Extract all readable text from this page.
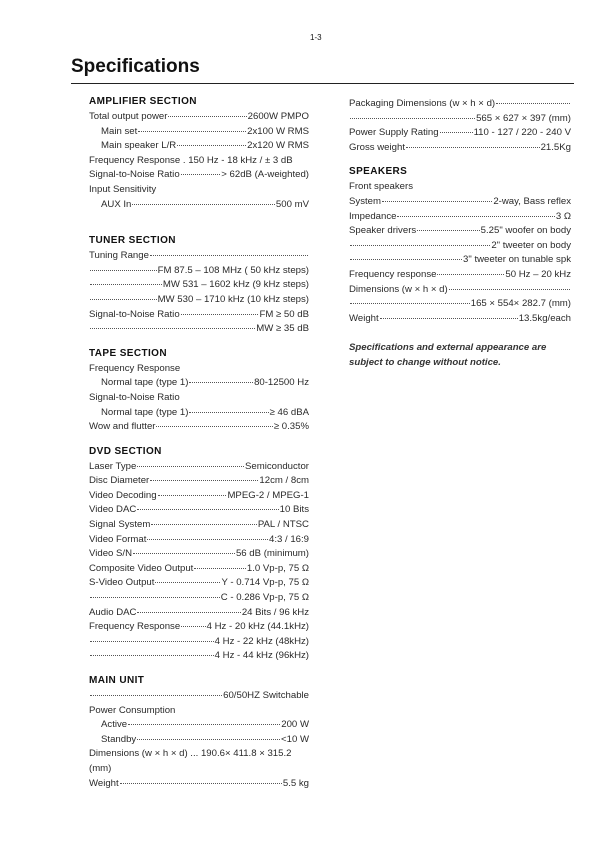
1-3
Specifications
AMPLIFIER SECTION
Total output power	2600W PMPO
Main set	2x100 W RMS
Main speaker L/R	2x120 W RMS
Frequency Response . 150 Hz - 18 kHz / ± 3 dB
Signal-to-Noise Ratio	> 62dB (A-weighted)
Input Sensitivity
AUX In	500 mV
TUNER SECTION
Tuning Range
FM 87.5 – 108 MHz ( 50 kHz steps)
MW 531 – 1602 kHz (9 kHz steps)
MW 530 – 1710 kHz (10 kHz steps)
Signal-to-Noise Ratio	FM ≥ 50 dB
MW ≥ 35 dB
TAPE SECTION
Frequency Response
Normal tape (type 1)	80-12500 Hz
Signal-to-Noise Ratio
Normal tape (type 1)	≥ 46 dBA
Wow and flutter	≥ 0.35%
DVD SECTION
Laser Type	Semiconductor
Disc Diameter	12cm / 8cm
Video Decoding	MPEG-2 / MPEG-1
Video DAC	10 Bits
Signal System	PAL / NTSC
Video Format	4:3 / 16:9
Video S/N	56 dB (minimum)
Composite Video Output	1.0 Vp-p, 75 Ω
S-Video Output	Y - 0.714 Vp-p, 75 Ω
C - 0.286 Vp-p, 75 Ω
Audio DAC	24 Bits / 96 kHz
Frequency Response	4 Hz - 20 kHz (44.1kHz)
4 Hz - 22 kHz (48kHz)
4 Hz - 44 kHz (96kHz)
MAIN UNIT
60/50HZ Switchable
Power Consumption
Active	200 W
Standby	<10 W
Dimensions (w × h × d) ... 190.6× 411.8 × 315.2 (mm)
Weight	5.5 kg
Packaging Dimensions (w × h × d)
565 × 627 × 397 (mm)
Power Supply Rating	110 - 127 / 220 - 240 V
Gross weight	21.5Kg
SPEAKERS
Front speakers
System	2-way, Bass reflex
Impedance	3 Ω
Speaker drivers	5.25" woofer on body
2" tweeter on body
3" tweeter on tunable spk
Frequency response	50 Hz – 20 kHz
Dimensions (w × h × d)
165 × 554× 282.7 (mm)
Weight	13.5kg/each
Specifications and external appearance are subject to change without notice.
